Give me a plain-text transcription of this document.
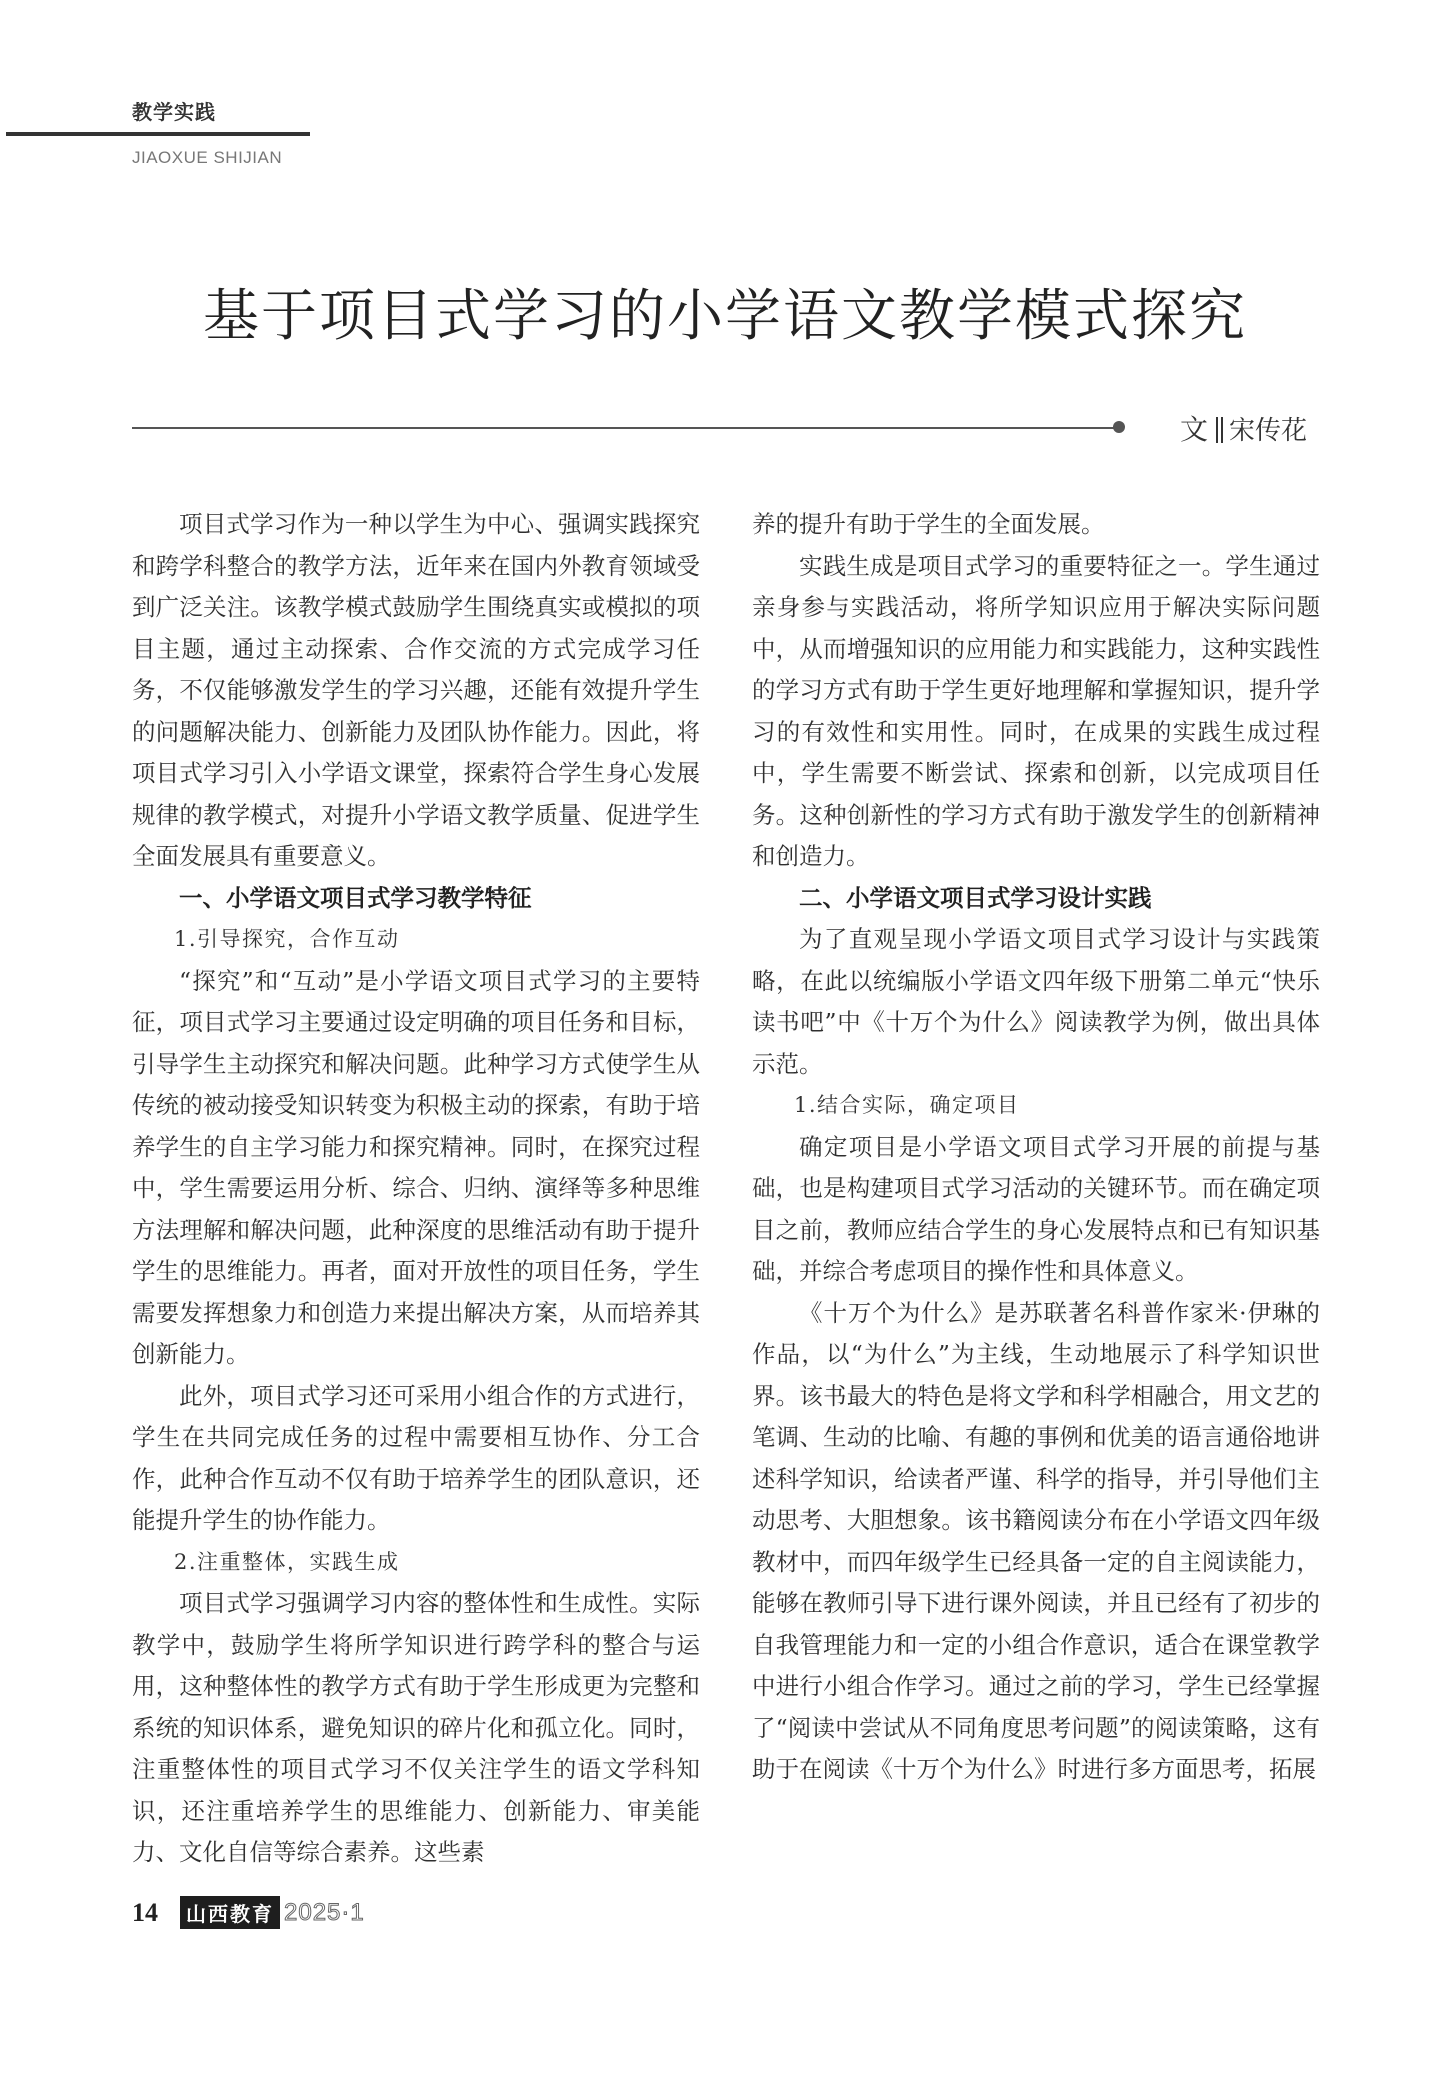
教学实践
JIAOXUE SHIJIAN
基于项目式学习的小学语文教学模式探究
文 宋传花

项目式学习作为一种以学生为中心、强调实践探究和跨学科整合的教学方法，近年来在国内外教育领域受到广泛关注。该教学模式鼓励学生围绕真实或模拟的项目主题，通过主动探索、合作交流的方式完成学习任务，不仅能够激发学生的学习兴趣，还能有效提升学生的问题解决能力、创新能力及团队协作能力。因此，将项目式学习引入小学语文课堂，探索符合学生身心发展规律的教学模式，对提升小学语文教学质量、促进学生全面发展具有重要意义。

一、小学语文项目式学习教学特征
1.引导探究，合作互动

“探究”和“互动”是小学语文项目式学习的主要特征，项目式学习主要通过设定明确的项目任务和目标，引导学生主动探究和解决问题。此种学习方式使学生从传统的被动接受知识转变为积极主动的探索，有助于培养学生的自主学习能力和探究精神。同时，在探究过程中，学生需要运用分析、综合、归纳、演绎等多种思维方法理解和解决问题，此种深度的思维活动有助于提升学生的思维能力。再者，面对开放性的项目任务，学生需要发挥想象力和创造力来提出解决方案，从而培养其创新能力。

此外，项目式学习还可采用小组合作的方式进行，学生在共同完成任务的过程中需要相互协作、分工合作，此种合作互动不仅有助于培养学生的团队意识，还能提升学生的协作能力。

2.注重整体，实践生成

项目式学习强调学习内容的整体性和生成性。实际教学中，鼓励学生将所学知识进行跨学科的整合与运用，这种整体性的教学方式有助于学生形成更为完整和系统的知识体系，避免知识的碎片化和孤立化。同时，注重整体性的项目式学习不仅关注学生的语文学科知识，还注重培养学生的思维能力、创新能力、审美能力、文化自信等综合素养。这些素

养的提升有助于学生的全面发展。

实践生成是项目式学习的重要特征之一。学生通过亲身参与实践活动，将所学知识应用于解决实际问题中，从而增强知识的应用能力和实践能力，这种实践性的学习方式有助于学生更好地理解和掌握知识，提升学习的有效性和实用性。同时，在成果的实践生成过程中，学生需要不断尝试、探索和创新，以完成项目任务。这种创新性的学习方式有助于激发学生的创新精神和创造力。

二、小学语文项目式学习设计实践

为了直观呈现小学语文项目式学习设计与实践策略，在此以统编版小学语文四年级下册第二单元“快乐读书吧”中《十万个为什么》阅读教学为例，做出具体示范。

1.结合实际，确定项目

确定项目是小学语文项目式学习开展的前提与基础，也是构建项目式学习活动的关键环节。而在确定项目之前，教师应结合学生的身心发展特点和已有知识基础，并综合考虑项目的操作性和具体意义。

《十万个为什么》是苏联著名科普作家米·伊琳的作品，以“为什么”为主线，生动地展示了科学知识世界。该书最大的特色是将文学和科学相融合，用文艺的笔调、生动的比喻、有趣的事例和优美的语言通俗地讲述科学知识，给读者严谨、科学的指导，并引导他们主动思考、大胆想象。该书籍阅读分布在小学语文四年级教材中，而四年级学生已经具备一定的自主阅读能力，能够在教师引导下进行课外阅读，并且已经有了初步的自我管理能力和一定的小组合作意识，适合在课堂教学中进行小组合作学习。通过之前的学习，学生已经掌握了“阅读中尝试从不同角度思考问题”的阅读策略，这有助于在阅读《十万个为什么》时进行多方面思考，拓展

14 山西教育 2025·1
